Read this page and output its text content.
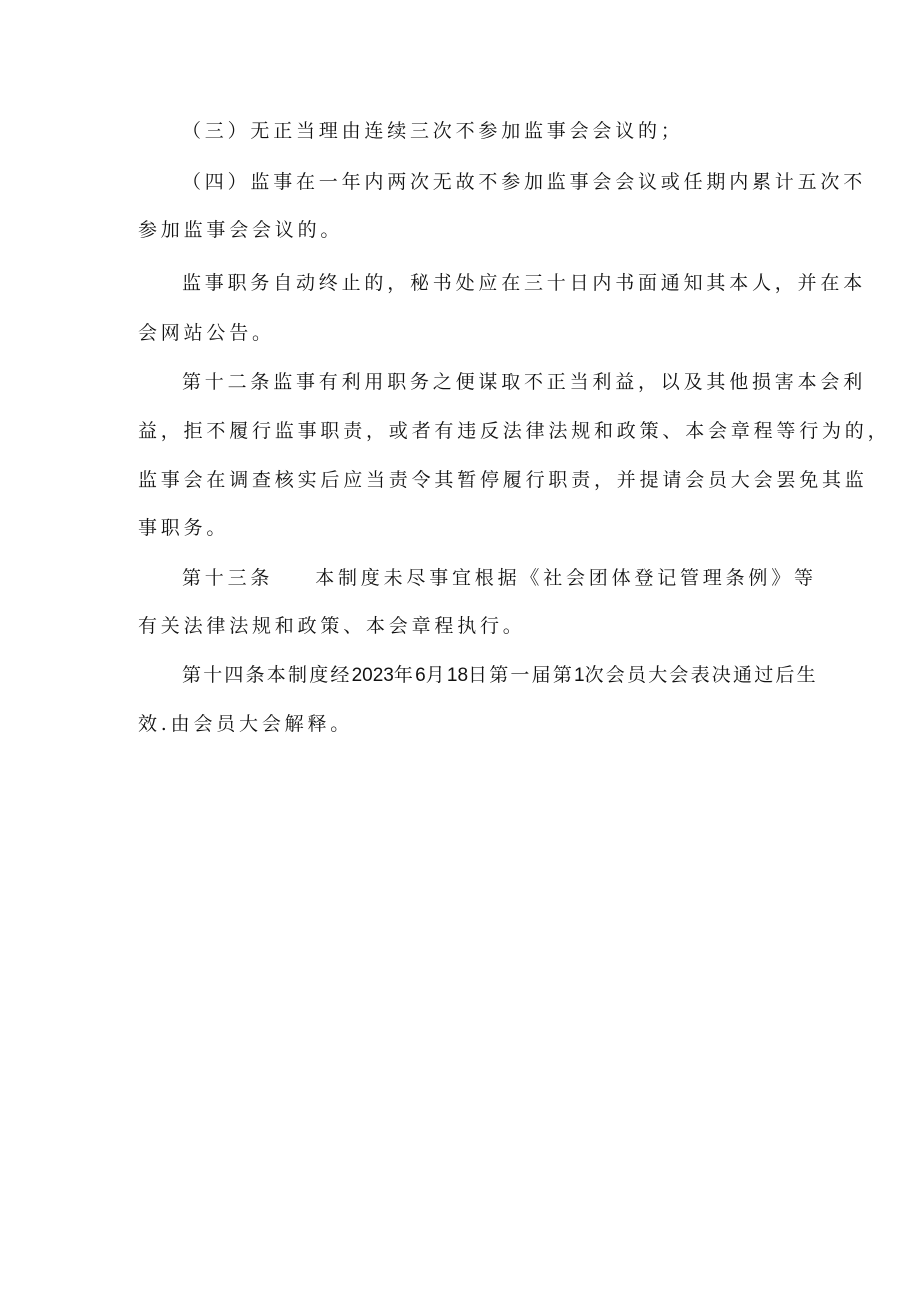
（三）无正当理由连续三次不参加监事会会议的；
（四）监事在一年内两次无故不参加监事会会议或任期内累计五次不
参加监事会会议的。
监事职务自动终止的，秘书处应在三十日内书面通知其本人，并在本
会网站公告。
第十二条监事有利用职务之便谋取不正当利益，以及其他损害本会利
益，拒不履行监事职责，或者有违反法律法规和政策、本会章程等行为的，
监事会在调查核实后应当责令其暂停履行职责，并提请会员大会罢免其监
事职务。
第十三条 本制度未尽事宜根据《社会团体登记管理条例》等
有关法律法规和政策、本会章程执行。
第十四条本制度经2023年6月18日第一届第1次会员大会表决通过后生
效.由会员大会解释。
